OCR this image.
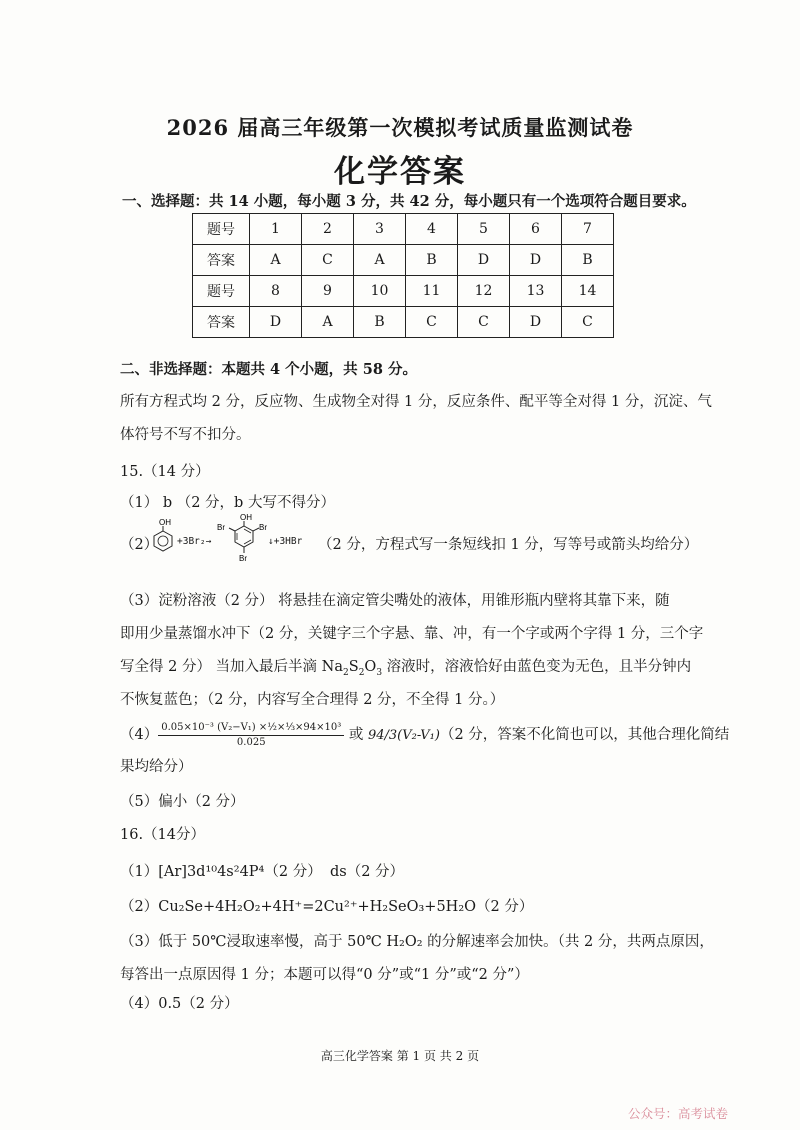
2026 届高三年级第一次模拟考试质量监测试卷
化学答案
一、选择题：共 14 小题，每小题 3 分，共 42 分，每小题只有一个选项符合题目要求。
题号	1	2	3	4	5	6	7
答案	A	C	A	B	D	D	B
题号	8	9	10	11	12	13	14
答案	D	A	B	C	C	D	C
二、非选择题：本题共 4 个小题，共 58 分。
所有方程式均 2 分，反应物、生成物全对得 1 分，反应条件、配平等全对得 1 分，沉淀、气
体符号不写不扣分。
15.（14 分）
（1） b （2 分，b 大写不得分）
（2）
OH
+3Br₂→
OH
Br	Br
Br
↓+3HBr （2 分，方程式写一条短线扣 1 分，写等号或箭头均给分）
（3）淀粉溶液（2 分） 将悬挂在滴定管尖嘴处的液体，用锥形瓶内壁将其靠下来，随
即用少量蒸馏水冲下（2 分，关键字三个字悬、靠、冲，有一个字或两个字得 1 分，三个字
写全得 2 分） 当加入最后半滴 $Na_2S_2O_3$ 溶液时，溶液恰好由蓝色变为无色，且半分钟内
不恢复蓝色；（2 分，内容写全合理得 2 分，不全得 1 分。）
$(4) \frac{\text{0.05×10⁻³ (V₂−V₁) ×½×⅓×94×10³}}{0.025}$ 或 94/3(V₂-V₁)（2 分，答案不化简也可以，其他合理化简结
果均给分）
（5）偏小（2 分）
16.（14分）
（1）[Ar]3d¹⁰4s²4P⁴（2 分） ds（2 分）
（2）Cu₂Se+4H₂O₂+4H⁺=2Cu²⁺+H₂SeO₃+5H₂O（2 分）
（3）低于 50℃浸取速率慢，高于 50℃ H₂O₂ 的分解速率会加快。（共 2 分，共两点原因，
每答出一点原因得 1 分；本题可以得“0 分”或“1 分”或“2 分”）
（4）0.5（2 分）
高三化学答案 第 1 页 共 2 页
公众号：高考试卷
